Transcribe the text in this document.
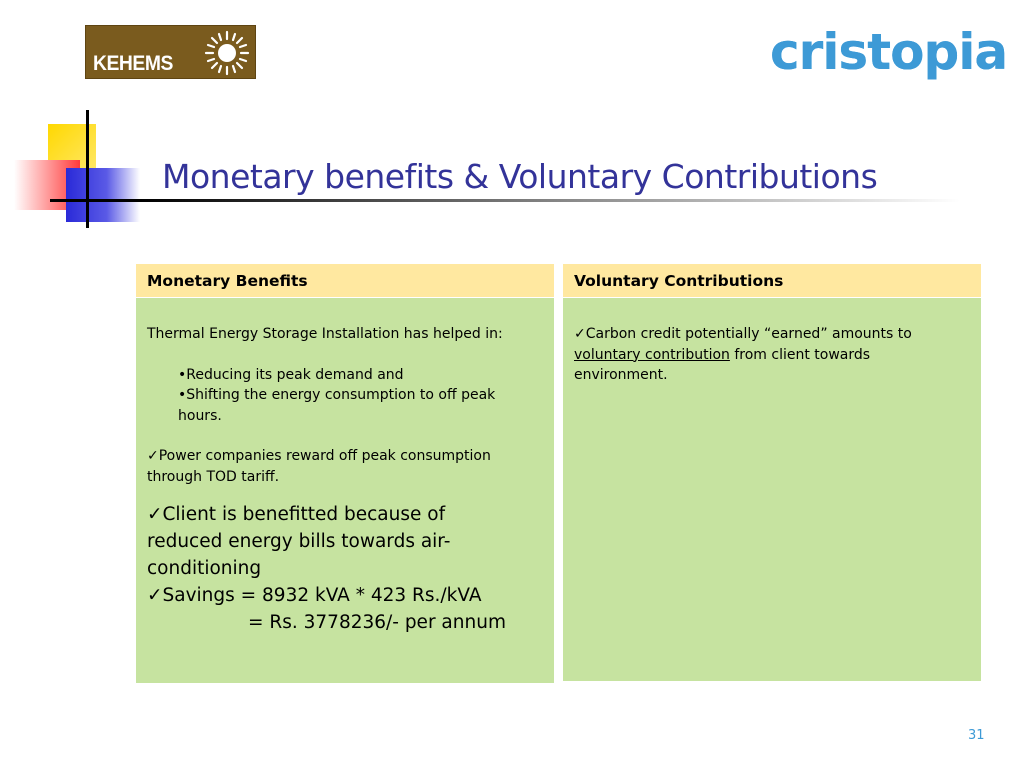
KEHEMS	cristopia
Monetary benefits & Voluntary Contributions
Monetary Benefits

Thermal Energy Storage Installation has helped in:

•Reducing its peak demand and

•Shifting the energy consumption to off peak

hours.

✓Power companies reward off peak consumption

through TOD tariff.

✓Client is benefitted because of

reduced energy bills towards air-

conditioning

✓Savings = 8932 kVA * 423 Rs./kVA

= Rs. 3778236/- per annum

Voluntary Contributions

✓Carbon credit potentially “earned” amounts to

voluntary contribution from client towards

environment.

31
